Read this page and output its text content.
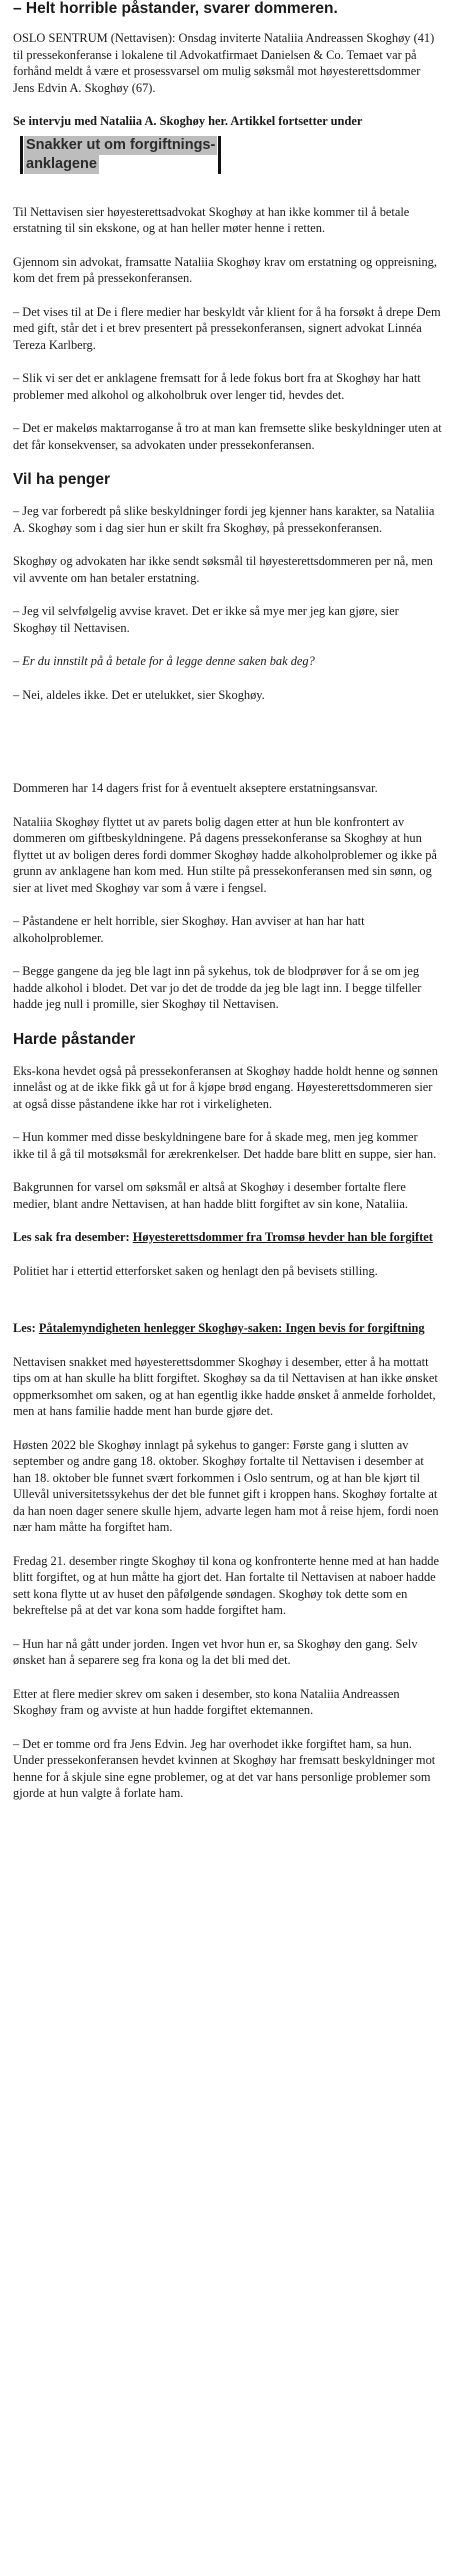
– Helt horrible påstander, svarer dommeren.

OSLO SENTRUM (Nettavisen): Onsdag inviterte Nataliia Andreassen Skoghøy (41) til pressekonferanse i lokalene til Advokatfirmaet Danielsen & Co. Temaet var på forhånd meldt å være et prosessvarsel om mulig søksmål mot høyesterettsdommer Jens Edvin A. Skoghøy (67).

Se intervju med Nataliia A. Skoghøy her. Artikkel fortsetter under

Snakker ut om forgiftnings-
anklagene

Til Nettavisen sier høyesterettsadvokat Skoghøy at han ikke kommer til å betale erstatning til sin ekskone, og at han heller møter henne i retten.

Gjennom sin advokat, framsatte Nataliia Skoghøy krav om erstatning og oppreisning, kom det frem på pressekonferansen.

– Det vises til at De i flere medier har beskyldt vår klient for å ha forsøkt å drepe Dem med gift, står det i et brev presentert på pressekonferansen, signert advokat Linnéa Tereza Karlberg.

– Slik vi ser det er anklagene fremsatt for å lede fokus bort fra at Skoghøy har hatt problemer med alkohol og alkoholbruk over lenger tid, hevdes det.

– Det er makeløs maktarroganse å tro at man kan fremsette slike beskyldninger uten at det får konsekvenser, sa advokaten under pressekonferansen.

Vil ha penger

– Jeg var forberedt på slike beskyldninger fordi jeg kjenner hans karakter, sa Nataliia A. Skoghøy som i dag sier hun er skilt fra Skoghøy, på pressekonferansen.

Skoghøy og advokaten har ikke sendt søksmål til høyesterettsdommeren per nå, men vil avvente om han betaler erstatning.

– Jeg vil selvfølgelig avvise kravet. Det er ikke så mye mer jeg kan gjøre, sier Skoghøy til Nettavisen.

– Er du innstilt på å betale for å legge denne saken bak deg?

– Nei, aldeles ikke. Det er utelukket, sier Skoghøy.

Dommeren har 14 dagers frist for å eventuelt akseptere erstatningsansvar.

Nataliia Skoghøy flyttet ut av parets bolig dagen etter at hun ble konfrontert av dommeren om giftbeskyldningene. På dagens pressekonferanse sa Skoghøy at hun flyttet ut av boligen deres fordi dommer Skoghøy hadde alkoholproblemer og ikke på grunn av anklagene han kom med. Hun stilte på pressekonferansen med sin sønn, og sier at livet med Skoghøy var som å være i fengsel.

– Påstandene er helt horrible, sier Skoghøy. Han avviser at han har hatt alkoholproblemer.

– Begge gangene da jeg ble lagt inn på sykehus, tok de blodprøver for å se om jeg hadde alkohol i blodet. Det var jo det de trodde da jeg ble lagt inn. I begge tilfeller hadde jeg null i promille, sier Skoghøy til Nettavisen.

Harde påstander

Eks-kona hevdet også på pressekonferansen at Skoghøy hadde holdt henne og sønnen innelåst og at de ikke fikk gå ut for å kjøpe brød engang. Høyesterettsdommeren sier at også disse påstandene ikke har rot i virkeligheten.

– Hun kommer med disse beskyldningene bare for å skade meg, men jeg kommer ikke til å gå til motsøksmål for ærekrenkelser. Det hadde bare blitt en suppe, sier han.

Bakgrunnen for varsel om søksmål er altså at Skoghøy i desember fortalte flere medier, blant andre Nettavisen, at han hadde blitt forgiftet av sin kone, Nataliia.

Les sak fra desember: Høyesterettsdommer fra Tromsø hevder han ble forgiftet

Politiet har i ettertid etterforsket saken og henlagt den på bevisets stilling.

Les: Påtalemyndigheten henlegger Skoghøy-saken: Ingen bevis for forgiftning

Nettavisen snakket med høyesterettsdommer Skoghøy i desember, etter å ha mottatt tips om at han skulle ha blitt forgiftet. Skoghøy sa da til Nettavisen at han ikke ønsket oppmerksomhet om saken, og at han egentlig ikke hadde ønsket å anmelde forholdet, men at hans familie hadde ment han burde gjøre det.

Høsten 2022 ble Skoghøy innlagt på sykehus to ganger: Første gang i slutten av september og andre gang 18. oktober. Skoghøy fortalte til Nettavisen i desember at han 18. oktober ble funnet svært forkommen i Oslo sentrum, og at han ble kjørt til Ullevål universitetssykehus der det ble funnet gift i kroppen hans. Skoghøy fortalte at da han noen dager senere skulle hjem, advarte legen ham mot å reise hjem, fordi noen nær ham måtte ha forgiftet ham.

Fredag 21. desember ringte Skoghøy til kona og konfronterte henne med at han hadde blitt forgiftet, og at hun måtte ha gjort det. Han fortalte til Nettavisen at naboer hadde sett kona flytte ut av huset den påfølgende søndagen. Skoghøy tok dette som en bekreftelse på at det var kona som hadde forgiftet ham.

– Hun har nå gått under jorden. Ingen vet hvor hun er, sa Skoghøy den gang. Selv ønsket han å separere seg fra kona og la det bli med det.

Etter at flere medier skrev om saken i desember, sto kona Nataliia Andreassen Skoghøy fram og avviste at hun hadde forgiftet ektemannen.

– Det er tomme ord fra Jens Edvin. Jeg har overhodet ikke forgiftet ham, sa hun. Under pressekonferansen hevdet kvinnen at Skoghøy har fremsatt beskyldninger mot henne for å skjule sine egne problemer, og at det var hans personlige problemer som gjorde at hun valgte å forlate ham.
